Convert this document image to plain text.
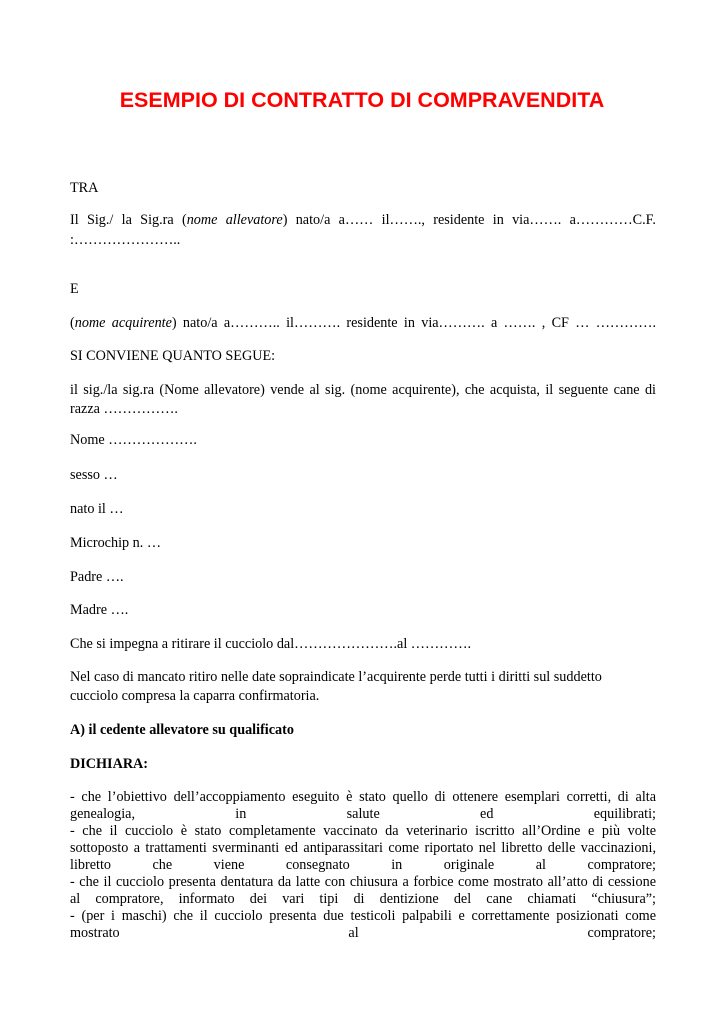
ESEMPIO DI CONTRATTO DI COMPRAVENDITA

TRA

Il Sig./ la Sig.ra (nome allevatore) nato/a a…… il……., residente in via……. a…………C.F.

:…………………..

E

(nome acquirente) nato/a a……….. il………. residente in via………. a ……. , CF … ………….

SI CONVIENE QUANTO SEGUE:

il sig./la sig.ra (Nome allevatore) vende al sig. (nome acquirente), che acquista, il seguente cane di

razza …………….

Nome ……………….

sesso …

nato il …

Microchip n. …

Padre ….

Madre ….

Che si impegna a ritirare il cucciolo dal………………….al ………….

Nel caso di mancato ritiro nelle date sopraindicate l’acquirente perde tutti i diritti sul suddetto

cucciolo compresa la caparra confirmatoria.

A) il cedente allevatore su qualificato

DICHIARA:

- che l’obiettivo dell’accoppiamento eseguito è stato quello di ottenere esemplari corretti, di alta

genealogia, in salute ed equilibrati;

- che il cucciolo è stato completamente vaccinato da veterinario iscritto all’Ordine e più volte

sottoposto a trattamenti sverminanti ed antiparassitari come riportato nel libretto delle vaccinazioni,

libretto che viene consegnato in originale al compratore;

- che il cucciolo presenta dentatura da latte con chiusura a forbice come mostrato all’atto di cessione

al compratore, informato dei vari tipi di dentizione del cane chiamati “chiusura”;

- (per i maschi) che il cucciolo presenta due testicoli palpabili e correttamente posizionati come

mostrato al compratore;
